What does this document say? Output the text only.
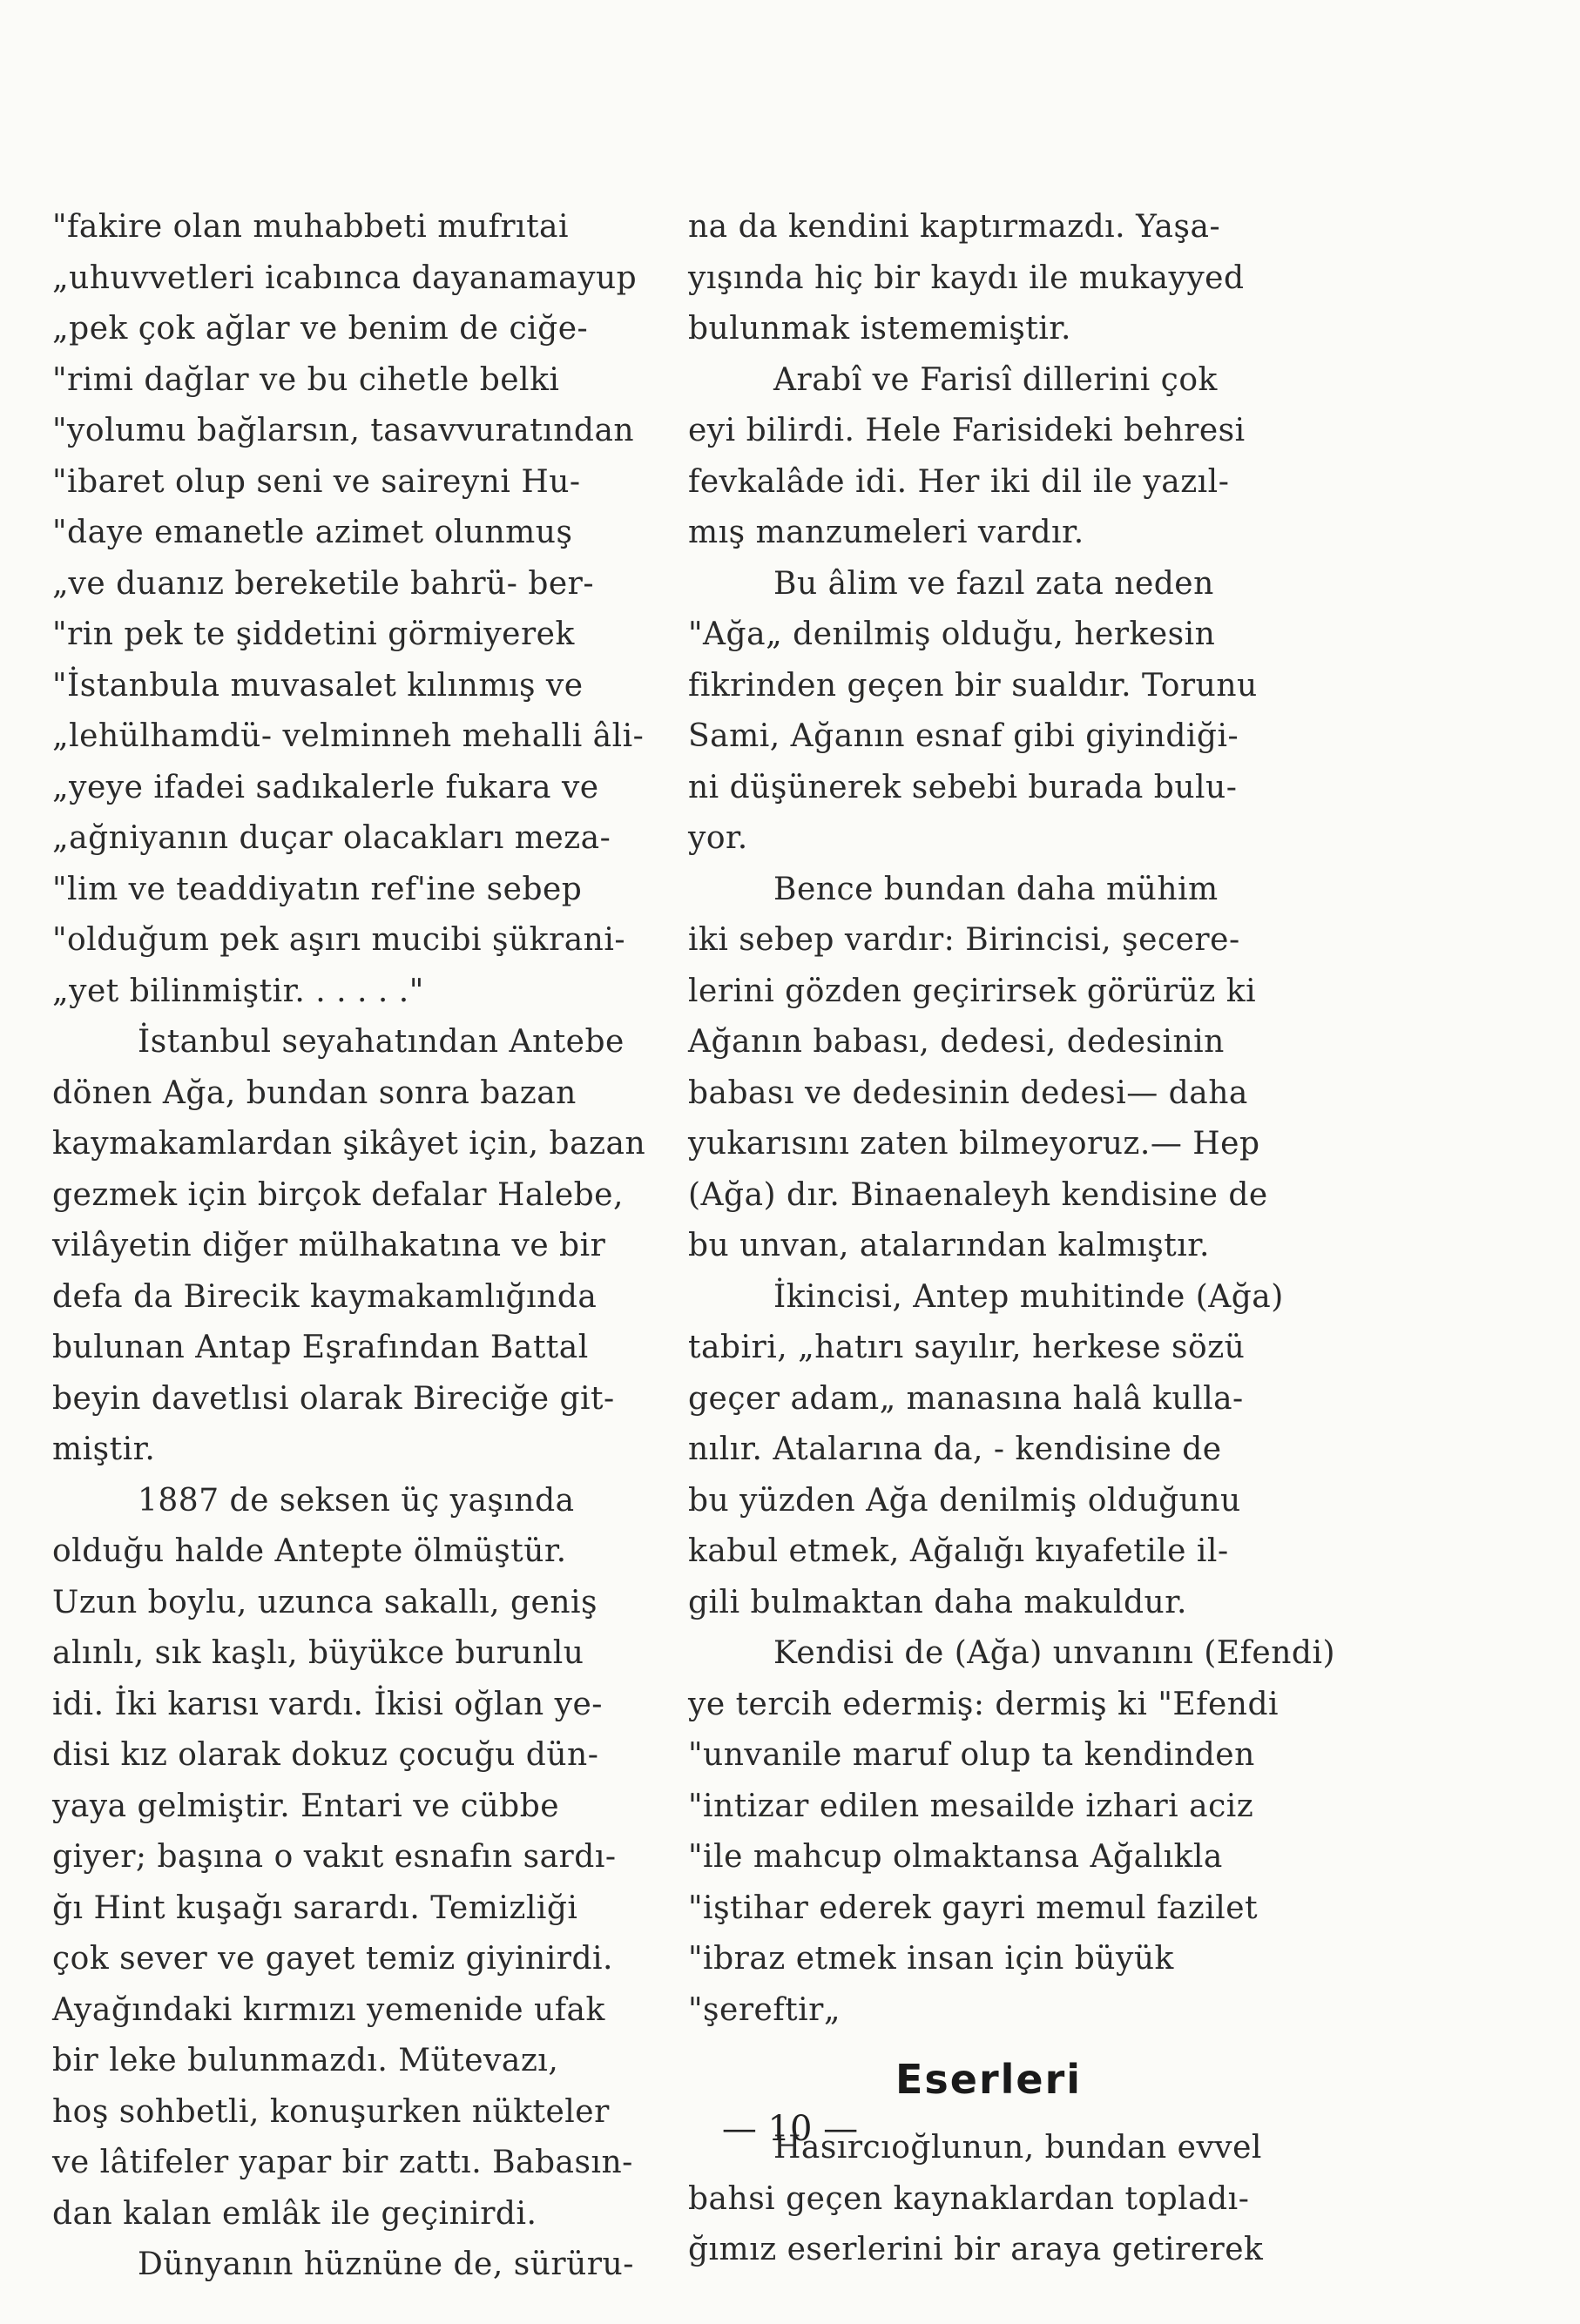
"fakire olan muhabbeti mufrıtai
„uhuvvetleri icabınca dayanamayup
„pek çok ağlar ve benim de ciğe-
"rimi dağlar ve bu cihetle belki
"yolumu bağlarsın, tasavvuratından
"ibaret olup seni ve saireyni Hu-
"daye emanetle azimet olunmuş
„ve duanız bereketile bahrü- ber-
"rin pek te şiddetini görmiyerek
"İstanbula muvasalet kılınmış ve
„lehülhamdü- velminneh mehalli âli-
„yeye ifadei sadıkalerle fukara ve
„ağniyanın duçar olacakları meza-
"lim ve teaddiyatın ref'ine sebep
"olduğum pek aşırı mucibi şükrani-
„yet bilinmiştir. . . . . ."
İstanbul seyahatından Antebe
dönen Ağa, bundan sonra bazan
kaymakamlardan şikâyet için, bazan
gezmek için birçok defalar Halebe,
vilâyetin diğer mülhakatına ve bir
defa da Birecik kaymakamlığında
bulunan Antap Eşrafından Battal
beyin davetlısi olarak Bireciğe git-
miştir.
1887 de seksen üç yaşında
olduğu halde Antepte ölmüştür.
Uzun boylu, uzunca sakallı, geniş
alınlı, sık kaşlı, büyükce burunlu
idi. İki karısı vardı. İkisi oğlan ye-
disi kız olarak dokuz çocuğu dün-
yaya gelmiştir. Entari ve cübbe
giyer; başına o vakıt esnafın sardı-
ğı Hint kuşağı sarardı. Temizliği
çok sever ve gayet temiz giyinirdi.
Ayağındaki kırmızı yemenide ufak
bir leke bulunmazdı. Mütevazı,
hoş sohbetli, konuşurken nükteler
ve lâtifeler yapar bir zattı. Babasın-
dan kalan emlâk ile geçinirdi.
Dünyanın hüznüne de, sürüru-
na da kendini kaptırmazdı. Yaşa-
yışında hiç bir kaydı ile mukayyed
bulunmak istememiştir.
Arabî ve Farisî dillerini çok
eyi bilirdi. Hele Farisideki behresi
fevkalâde idi. Her iki dil ile yazıl-
mış manzumeleri vardır.
Bu âlim ve fazıl zata neden
"Ağa„ denilmiş olduğu, herkesin
fikrinden geçen bir sualdır. Torunu
Sami, Ağanın esnaf gibi giyindiği-
ni düşünerek sebebi burada bulu-
yor.
Bence bundan daha mühim
iki sebep vardır: Birincisi, şecere-
lerini gözden geçirirsek görürüz ki
Ağanın babası, dedesi, dedesinin
babası ve dedesinin dedesi— daha
yukarısını zaten bilmeyoruz.— Hep
(Ağa) dır. Binaenaleyh kendisine de
bu unvan, atalarından kalmıştır.
İkincisi, Antep muhitinde (Ağa)
tabiri, „hatırı sayılır, herkese sözü
geçer adam„ manasına halâ kulla-
nılır. Atalarına da, - kendisine de
bu yüzden Ağa denilmiş olduğunu
kabul etmek, Ağalığı kıyafetile il-
gili bulmaktan daha makuldur.
Kendisi de (Ağa) unvanını (Efendi)
ye tercih edermiş: dermiş ki "Efendi
"unvanile maruf olup ta kendinden
"intizar edilen mesailde izhari aciz
"ile mahcup olmaktansa Ağalıkla
"iştihar ederek gayri memul fazilet
"ibraz etmek insan için büyük
"şereftir„
Eserleri
Hasırcıoğlunun, bundan evvel
bahsi geçen kaynaklardan topladı-
ğımız eserlerini bir araya getirerek
— 10 —
